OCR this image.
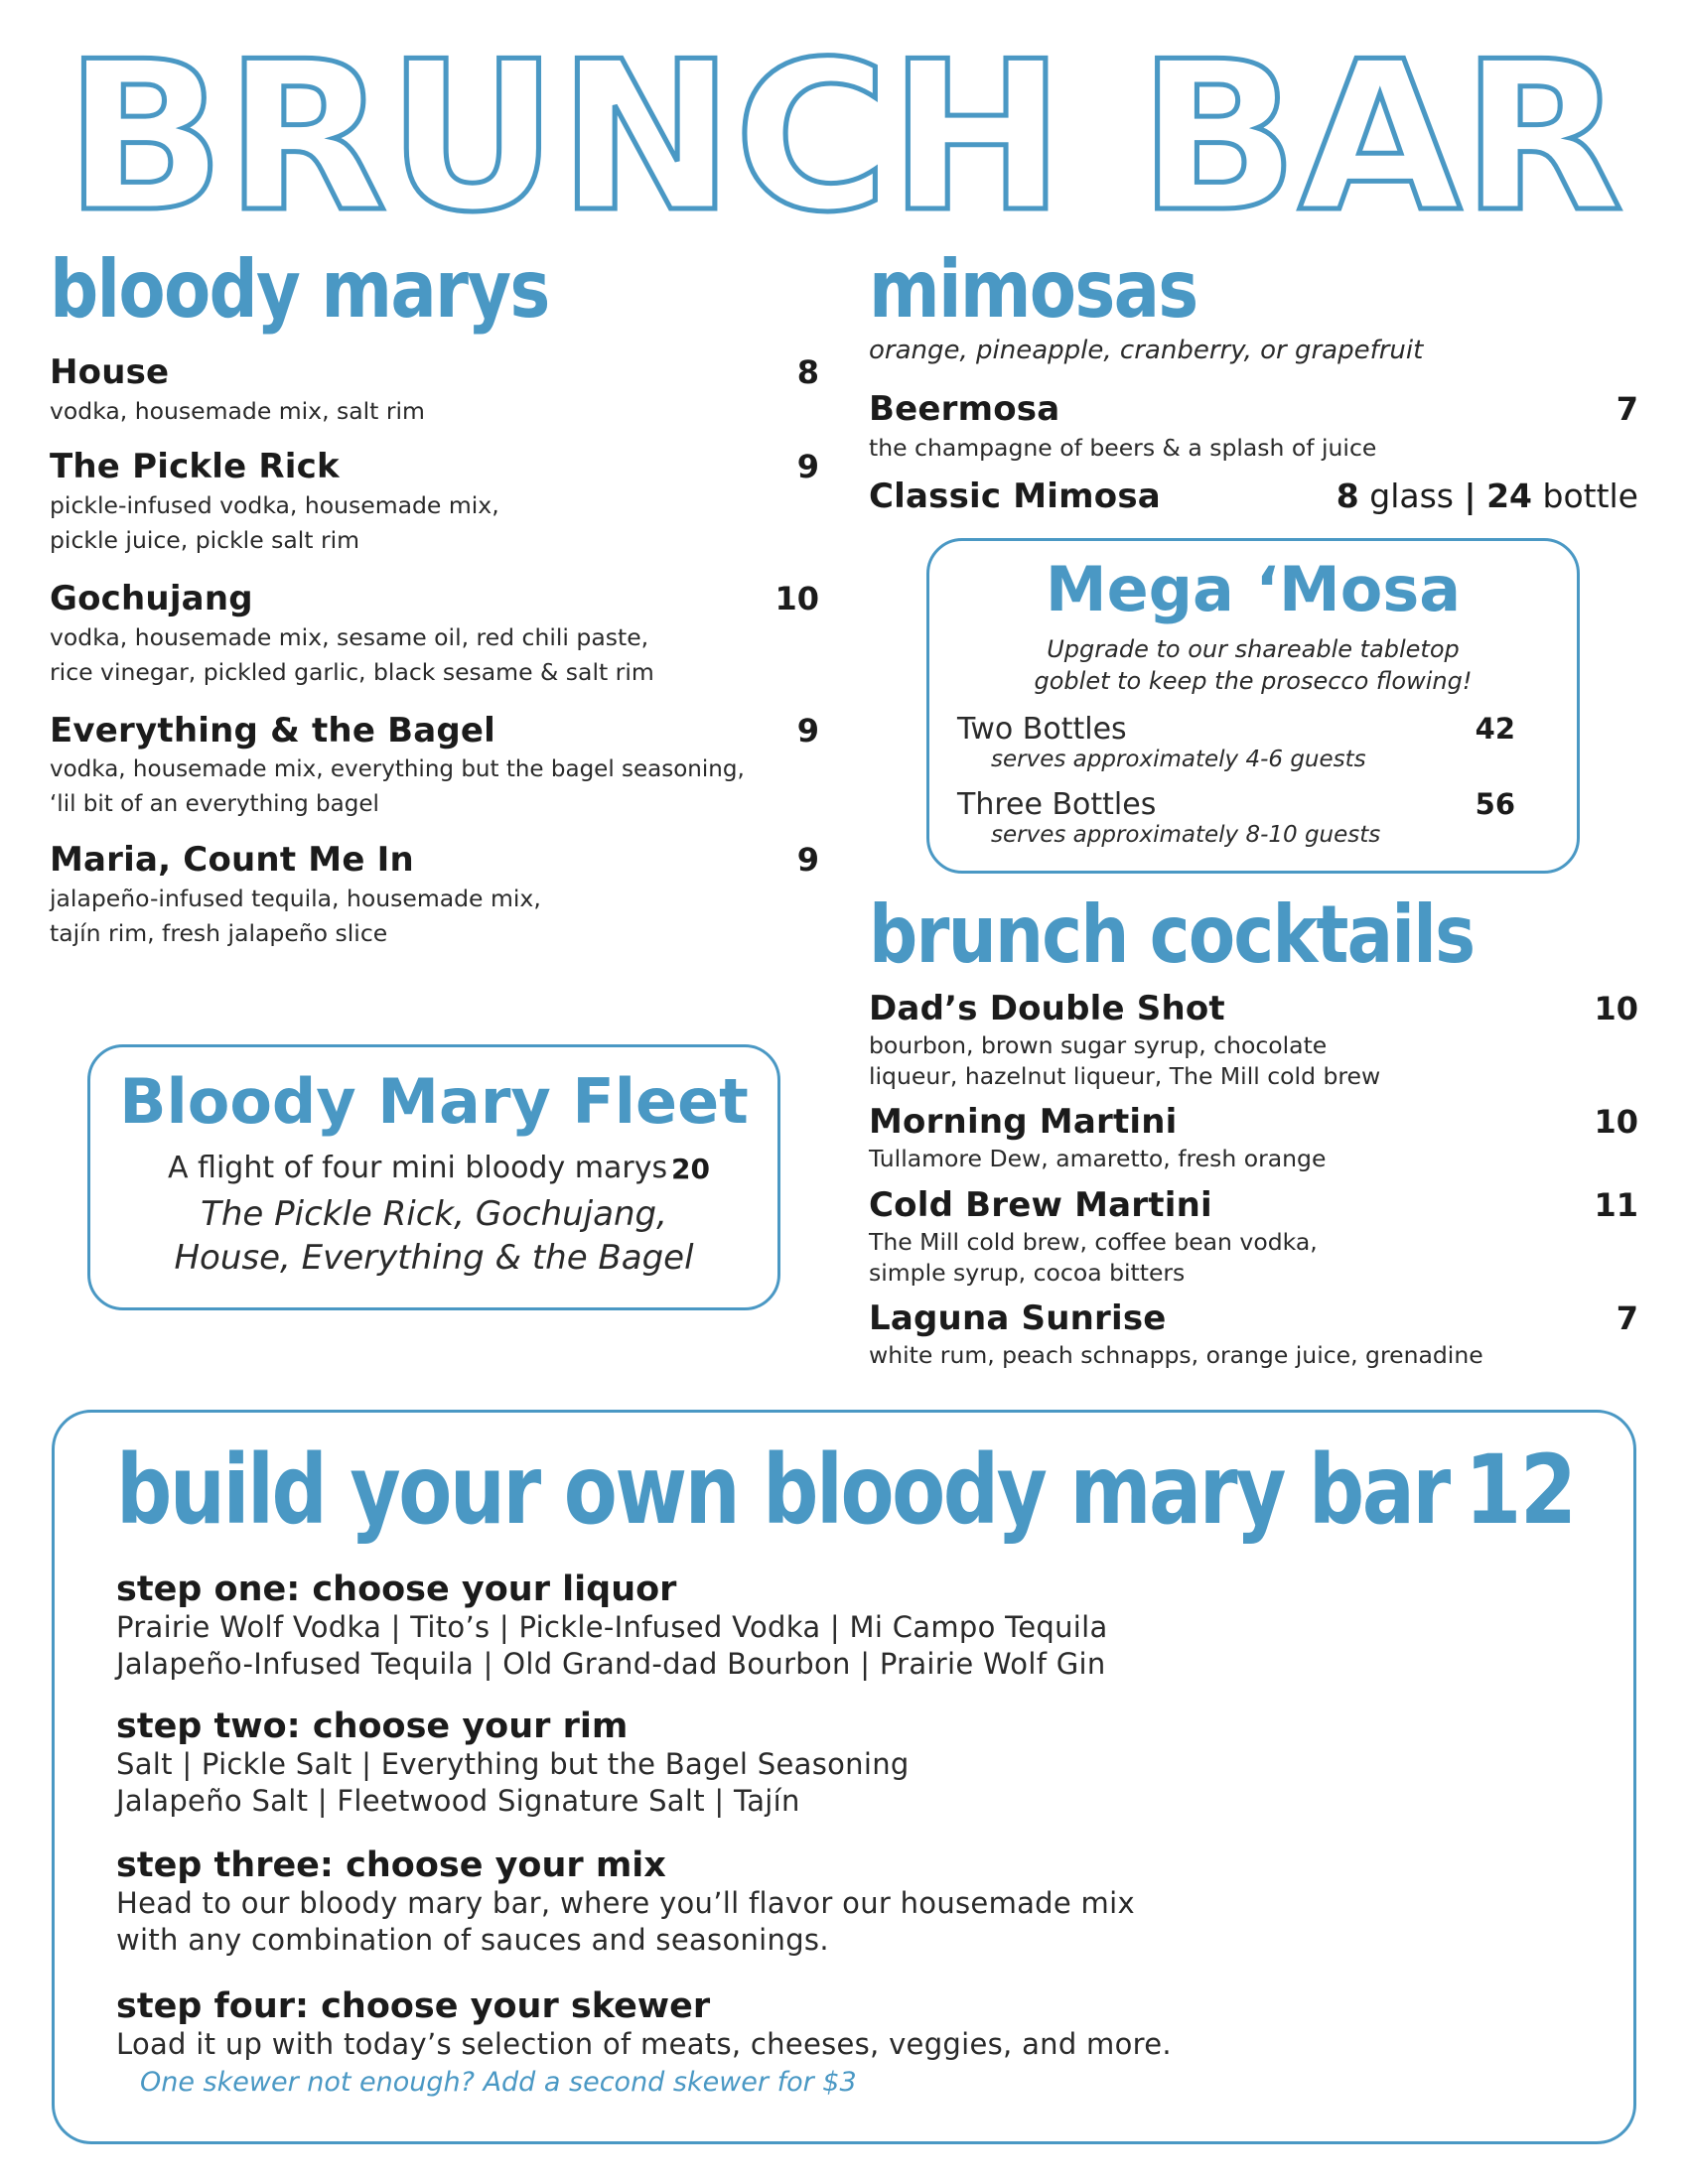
BRUNCH BAR
bloody marys
House	8
vodka, housemade mix, salt rim
The Pickle Rick	9
pickle-infused vodka, housemade mix,
pickle juice, pickle salt rim
Gochujang	10
vodka, housemade mix, sesame oil, red chili paste,
rice vinegar, pickled garlic, black sesame & salt rim
Everything & the Bagel	9
vodka, housemade mix, everything but the bagel seasoning,
‘lil bit of an everything bagel
Maria, Count Me In	9
jalapeño-infused tequila, housemade mix,
tajín rim, fresh jalapeño slice
Bloody Mary Fleet
A flight of four mini bloody marys 20
The Pickle Rick, Gochujang,
House, Everything & the Bagel
mimosas
orange, pineapple, cranberry, or grapefruit
Beermosa	7
the champagne of beers & a splash of juice
Classic Mimosa	8 glass | 24 bottle
Mega ‘Mosa
Upgrade to our shareable tabletop
goblet to keep the prosecco flowing!
Two Bottles	42
serves approximately 4-6 guests
Three Bottles	56
serves approximately 8-10 guests
brunch cocktails
Dad’s Double Shot	10
bourbon, brown sugar syrup, chocolate
liqueur, hazelnut liqueur, The Mill cold brew
Morning Martini	10
Tullamore Dew, amaretto, fresh orange
Cold Brew Martini	11
The Mill cold brew, coffee bean vodka,
simple syrup, cocoa bitters
Laguna Sunrise	7
white rum, peach schnapps, orange juice, grenadine
build your own bloody mary bar 12
step one: choose your liquor
Prairie Wolf Vodka | Tito’s | Pickle-Infused Vodka | Mi Campo Tequila
Jalapeño-Infused Tequila | Old Grand-dad Bourbon | Prairie Wolf Gin
step two: choose your rim
Salt | Pickle Salt | Everything but the Bagel Seasoning
Jalapeño Salt | Fleetwood Signature Salt | Tajín
step three: choose your mix
Head to our bloody mary bar, where you’ll flavor our housemade mix
with any combination of sauces and seasonings.
step four: choose your skewer
Load it up with today’s selection of meats, cheeses, veggies, and more.
One skewer not enough? Add a second skewer for $3
